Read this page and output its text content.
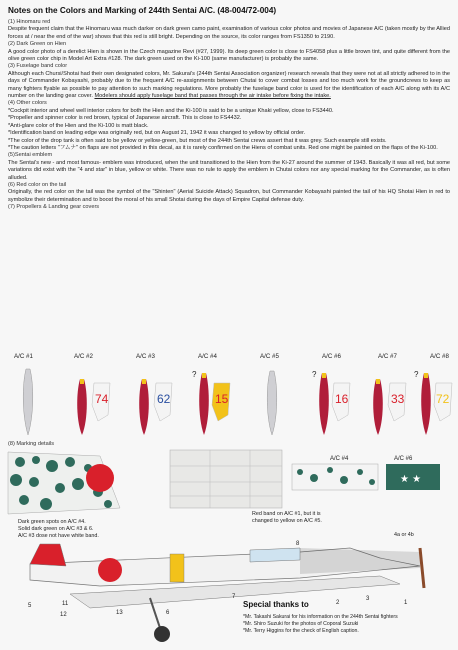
Notes on the Colors and Marking of 244th Sentai A/C. (48-004/72-004)

(1) Hinomaru red

Despite frequent claim that the Hinomaru was much darker on dark green camo paint, examination of various color photos and movies of Japanese A/C (taken mostly by the Allied forces at / near the end of the war) shows that this red is still bright. Depending on the source, its color ranges from FS1350 to 2190.

(2) Dark Green on Hien

A good color photo of a derelict Hien is shown in the Czech magazine Revi (#27, 1999). Its deep green color is close to FS4058 plus a little brown tint, and quite different from the olive green color chip in Model Art Extra #128. The dark green used on the Ki-100 (same manufacturer) is probably the same.

(3) Fuselage band color

Although each Chursi/Shotai had their own designated colors, Mr. Sakurai's (244th Sentai Association organizer) research reveals that they were not at all strictly adhered to in the days of Commander Kobayashi, probably due to the frequent A/C re-assignments between Chutai to cover combat losses and too much work for the groundcrews to keep as many fighters flyable as possible to pay attention to such marking regulations. More probably the fuselage band color is used for the identification of each A/C along with its A/C number on the landing gear cover. Modelers should apply fuselage band that passes through the air intake before fixing the intake.

(4) Other colors

*Cockpit interior and wheel well interior colors for both the Hien and the Ki-100 is said to be a unique Khaki yellow, close to FS3440.

*Propeller and spinner color is red brown, typical of Japanese aircraft. This is close to FS4432.

*Anti-glare color of the Hien and the Ki-100 is matt black.

*Identification band on leading edge was originally red, but on August 21, 1942 it was changed to yellow by official order.

*The color of the drop tank is often said to be yellow or yellow-green, but most of the 244th Sentai crews assert that it was grey. Such example still exists.

*The caution letters "フムナ" on flaps are not provided in this decal, as it is rarely confirmed on the Hiens of combat units. Red one might be painted on the flaps of the Ki-100.

(5)Sentai emblem

The Sentai's new - and most famous- emblem was introduced, when the unit transitioned to the Hien from the Ki-27 around the summer of 1943. Basically it was all red, but some variations did exist with the "4 and star" in blue, yellow or white. There was no rule to apply the emblem in Chutai colors nor any special marking for the Commander, as is often alluded.

(6) Red color on the tail

Originally, the red color on the tail was the symbol of the "Shinten" (Aerial Suicide Attack) Squadron, but Commander Kobayashi painted the tail of his HQ Shotai Hien in red to symbolize their determination and to boost the moral of his small Shotai during the days of Empire Capital defense duty.

(7) Propellers & Landing gear covers

A/C #1	A/C #2	A/C #3	A/C #4	A/C #5	A/C #6	A/C #7	A/C #8
74	62
?
15
?
16	33
?
72
(8) Marking details
A/C #4	A/C #6
★ ★
Dark green spots on A/C #4.
Solid dark green on A/C #3 & 6.
A/C #3 dose not have white band.
Red band on A/C #1, but it is
changed to yellow on A/C #5.
4a or 4b
8
7
2
3
1
5	11
12	13	6
Special thanks to
*Mr. Takashi Sakurai for his information on the 244th Sentai fighters
*Mr. Shiro Suzuki for the photos of Coporal Suzuki
*Mr. Terry Higgins for the check of English caption.
